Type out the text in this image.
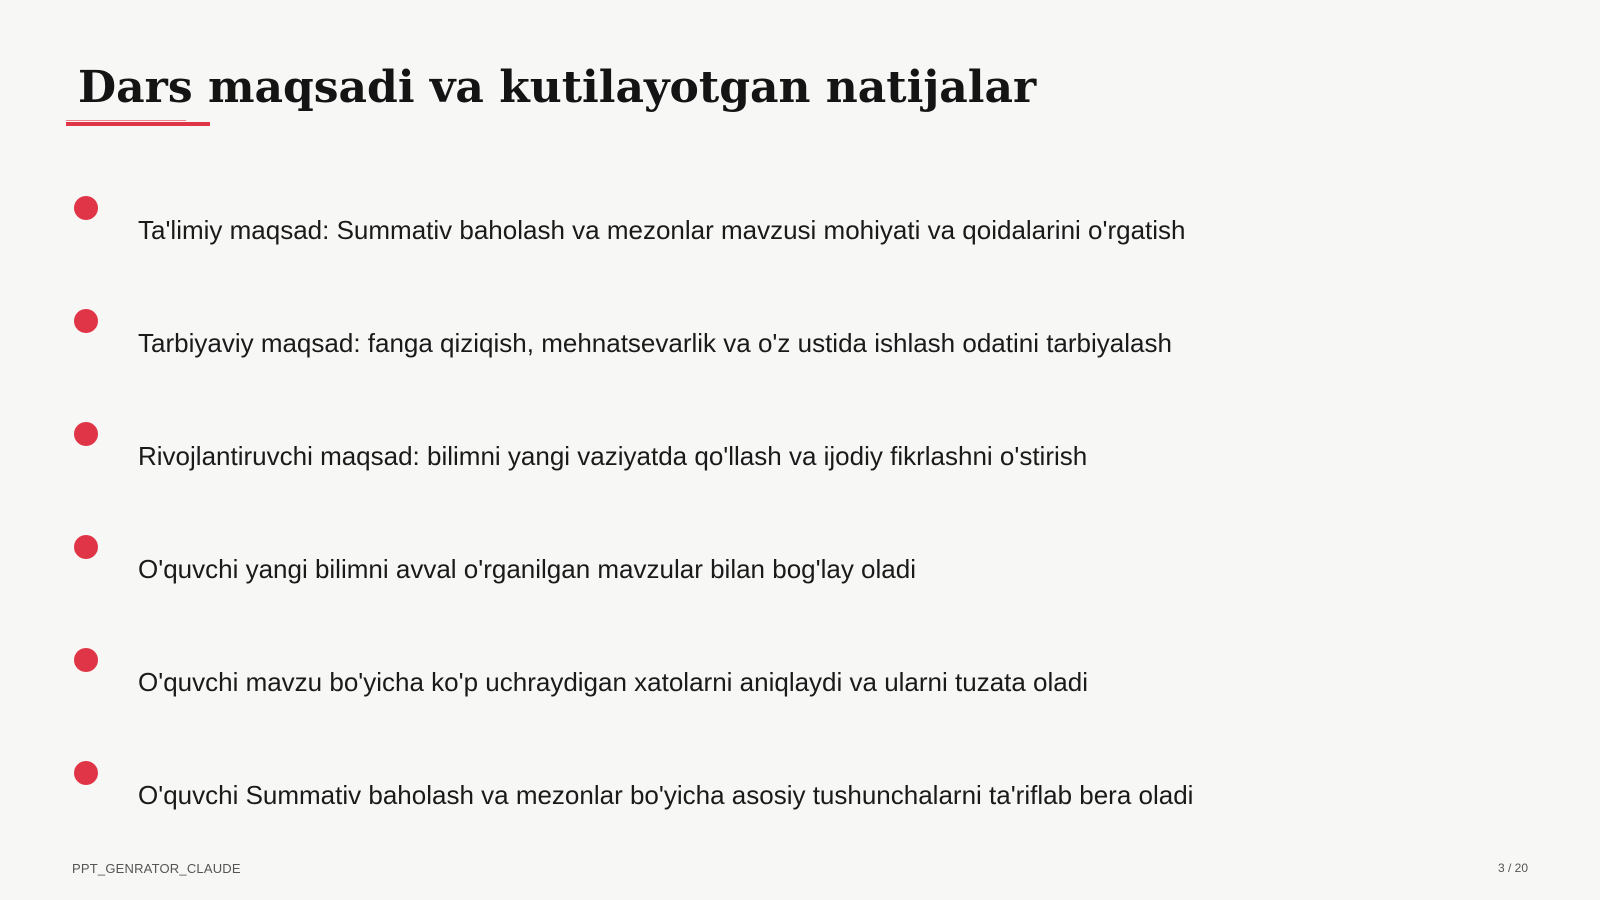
Dars maqsadi va kutilayotgan natijalar
Ta'limiy maqsad: Summativ baholash va mezonlar mavzusi mohiyati va qoidalarini o'rgatish
Tarbiyaviy maqsad: fanga qiziqish, mehnatsevarlik va o'z ustida ishlash odatini tarbiyalash
Rivojlantiruvchi maqsad: bilimni yangi vaziyatda qo'llash va ijodiy fikrlashni o'stirish
O'quvchi yangi bilimni avval o'rganilgan mavzular bilan bog'lay oladi
O'quvchi mavzu bo'yicha ko'p uchraydigan xatolarni aniqlaydi va ularni tuzata oladi
O'quvchi Summativ baholash va mezonlar bo'yicha asosiy tushunchalarni ta'riflab bera oladi
PPT_GENRATOR_CLAUDE	3 / 20
